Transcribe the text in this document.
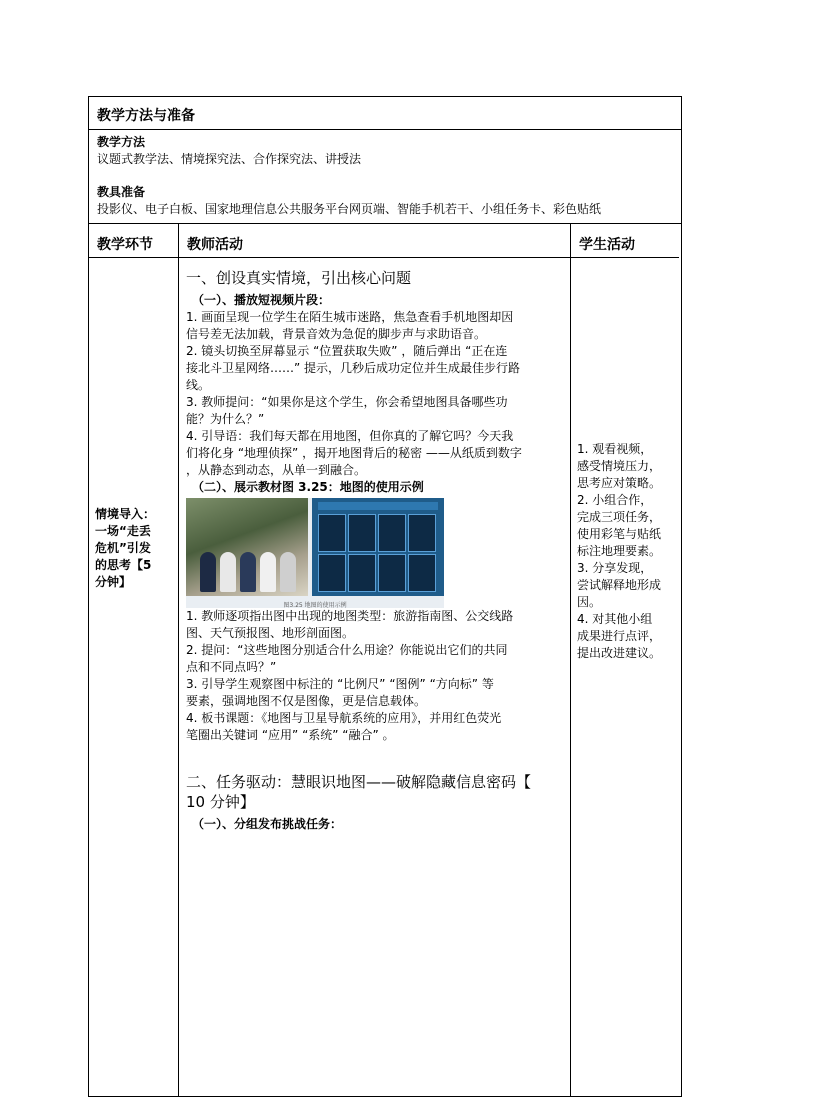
教学方法与准备
教学方法
议题式教学法、情境探究法、合作探究法、讲授法
教具准备
投影仪、电子白板、国家地理信息公共服务平台网页端、智能手机若干、小组任务卡、彩色贴纸
教学环节
情境导入：
一场“走丢
危机”引发
的思考【5
分钟】
教师活动
一、创设真实情境，引出核心问题
（一）、播放短视频片段：

1. 画面呈现一位学生在陌生城市迷路，焦急查看手机地图却因
信号差无法加载，背景音效为急促的脚步声与求助语音。

2. 镜头切换至屏幕显示 “位置获取失败” ，随后弹出 “正在连
接北斗卫星网络……” 提示，几秒后成功定位并生成最佳步行路
线。

3. 教师提问：“如果你是这个学生，你会希望地图具备哪些功
能？为什么？”

4. 引导语：我们每天都在用地图，但你真的了解它吗？今天我
们将化身 “地理侦探” ，揭开地图背后的秘密 ——从纸质到数字
，从静态到动态，从单一到融合。

（二）、展示教材图 3.25：地图的使用示例
图3.25 地图的使用示例

1. 教师逐项指出图中出现的地图类型：旅游指南图、公交线路
图、天气预报图、地形剖面图。

2. 提问：“这些地图分别适合什么用途？你能说出它们的共同
点和不同点吗？”

3. 引导学生观察图中标注的 “比例尺” “图例” “方向标” 等
要素，强调地图不仅是图像，更是信息载体。

4. 板书课题：《地图与卫星导航系统的应用》，并用红色荧光
笔圈出关键词 “应用” “系统” “融合” 。

二、任务驱动：慧眼识地图——破解隐藏信息密码【
10 分钟】
（一）、分组发布挑战任务：
学生活动
1. 观看视频，
感受情境压力，
思考应对策略。
2. 小组合作，
完成三项任务，
使用彩笔与贴纸
标注地理要素。
3. 分享发现，
尝试解释地形成
因。
4. 对其他小组
成果进行点评，
提出改进建议。
